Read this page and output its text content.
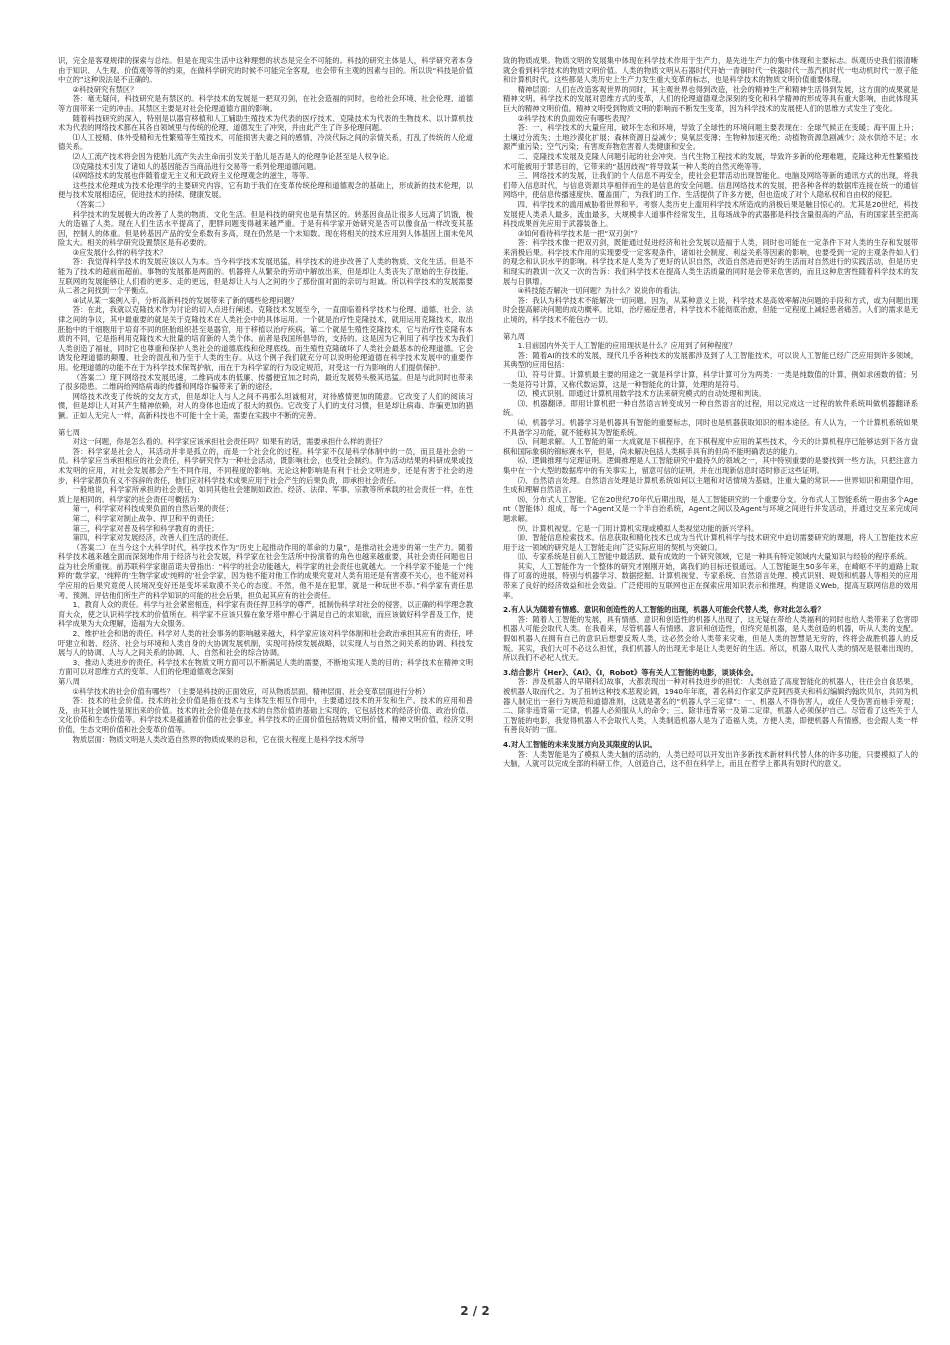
识，完全是客观规律的探索与总结。但是在现实生活中这种理想的状态是完全不可能的。科技的研究主体是人，科学研究者本身由于知识、人生观、价值观等等的约束，在做科学研究的时候不可能完全客观，也会带有主观的因素与目的。所以说“科技是价值中立的”这种说法是不正确的。

②科技研究有禁区？

答：毫无疑问，科技研究是有禁区的。科学技术的发展是一把双刃剑，在社会造福的同时，也给社会环境、社会伦理、道德等方面带来一定的冲击。其禁区主要是对社会伦理道德方面的影响。

随着科技研究的深入，特别是以器官移植和人工辅助生殖技术为代表的医疗技术、克隆技术为代表的生物技术、以计算机技术为代表的网络技术都在其各自领域里与传统的伦理、道德发生了冲突，并由此产生了许多伦理问题。

⑴人工授精、体外受精和无性繁殖等生殖技术，可能损害夫妻之间的感情，冷淡代际之间的亲情关系，打乱了传统的人伦道德关系。

⑵人工流产技术将会因为使胎儿流产失去生命而引发关于胎儿是否是人的伦理争论甚至是人权争论。

⑶克隆技术引发了诸如人的基因能否当商品进行交易等一系列伦理道德问题。

⑷网络技术的发展也伴随着虚无主义和无政府主义伦理观念的滋生，等等。

这些技术伦理成为技术伦理学的主要研究内容，它有助于我们在变革传统伦理和道德观念的基础上，形成新的技术伦理，以便与技术发展相适应，促进技术的持续、健康发展。

（答案二）

科学技术的发展极大的改善了人类的物质、文化生活。但是科技的研究也是有禁区的。转基因食品让很多人远离了饥饿，极大的造福了人类。现在人们生活水平提高了，肥胖问题变得越来越严重。于是有科学家开始研究是否可以像食品一样改变其基因，控制人的体重。但是转基因产品的安全系数有多高，现在仍然是一个未知数。现在将相关的技术应用到人体基因上面未免风险太大。相关的科学研究设置禁区是有必要的。

③应发展什么样的科学技术？

答：我觉得科学技术的发展应该以人为本。当今科学技术发展迅猛，科学技术的进步改善了人类的物质、文化生活。但是不能为了技术的超前而超前。事物的发展都是两面的。机器将人从繁杂的劳动中解放出来，但是却让人类丧失了原始的生存技能。互联网的发展能够让人们看的更多、走的更远，但是却让人与人之间的少了那份面对面的亲切与坦诚。所以科学技术的发展需要从二者之间找到一个平衡点。

④试从某一案例入手，分析高新科技的发展带来了新的哪些伦理问题？

答：在此，我就以克隆技术作为讨论的切入点进行阐述。克隆技术发展至今，一直面临着科学技术与伦理、道德、社会、法律之间的争议，其中最重要的就是关于克隆技术在人类社会中的具体运用。一个就是治疗性克隆技术，就用运用克隆技术，取出胚胎中的干细胞用于培育不同的胚胎组织甚至是器官，用于移植以治疗疾病。第二个就是生殖性克隆技术，它与治疗性克隆有本质的不同，它是指利用克隆技术大批量的培育新的人类个体。前者是我国所倡导的，支持的。这是因为它利用了科学技术为我们人类创造了福祉，同时它也尊重和保护人类社会的道德底线和伦理底线。而生殖性克隆破坏了人类社会最基本的伦理道德。它会诱发伦理道德的颠覆、社会的混乱和乃至于人类的生存。从这个例子我们就充分可以说明伦理道德在科学技术发展中的重要作用。伦理道德的功能不在于为科学技术保驾护航，而在于为科学家的行为设定规范，对受这一行为影响的人们提供保护。

（答案二）现下网络技术发展迅速，二维码成本的低廉、传播便宜加之时尚，最近发展势头极其迅猛。但是与此同时也带来了很多隐患。二维码给网络病毒的传播和网络诈骗带来了新的途径。

网络技术改变了传统的交友方式，但是却让人与人之间不再那么坦诚相对，对待感情更加的随意。它改变了人们的阅读习惯，但是却让人对其产生精神依赖，对人的身体也造成了很大的损伤。它改变了人们的支付习惯，但是却让病毒、诈骗更加的猖獗。正如人无完人一样，高新科技也不可能十全十美，需要在实践中不断的完善。

第七周

对这一问题，你是怎么看的。科学家应该承担社会责任吗？如果有的话，需要承担什么样的责任？

答：科学家是社会人，其活动并非是孤立的，而是一个社会化的过程。科学家不仅是科学体制中的一员，而且是社会的一员。科学家应当承担相应的社会责任，科学研究作为一种社会活动，既影响社会，也受社会制约。作为活动结果的科研成果或技术发明的应用，对社会发展都会产生不同作用，不同程度的影响。无论这种影响是有利于社会文明进步，还是有害于社会的进步，科学家都负有义不容辞的责任，他们应对科学技术成果应用于社会产生的后果负责，即承担社会责任。

一般地说，科学家所承担的社会责任，如同其他社会建制如政治、经济、法律、军事、宗教等所承载的社会责任一样，在性质上是相同的。科学家的社会责任可概括为：

第一，科学家对科技成果负面的自然后果的责任；

第二，科学家对制止战争、捍卫和平的责任；

第三，科学家对普及科学和科学教育的责任；

第四，科学家对发展经济，改善人们生活的责任。

（答案二）在当今这个大科学时代，科学技术作为“历史上起推动作用的革命的力量”，是推动社会进步的第一生产力。随着科学技术越来越全面而深刻地作用于经济与社会发展，科学家在社会生活所中扮演着的角色也越来越重要，其社会责任问题也日益为社会所重视。前苏联科学家谢苗诺夫曾指出：“科学的社会功能越大，科学家的社会责任也就越大。一个科学家不能是一个‘纯粹的’数学家、‘纯粹的’生物学家或‘纯粹的’社会学家，因为他不能对他工作的成果究竟对人类有用还是有害漠不关心，也不能对科学应用的后果究竟使人民境况变好还是变坏采取漠不关心的态度。不然，他不是在犯罪，就是一种玩世不恭。”科学家有责任思考、预测、评估他们所生产的科学知识的可能的社会后果，担负起其应有的社会责任。

1、教育人众的责任。科学与社会紧密相连，科学家有责任捍卫科学的尊严，抵制伪科学对社会的侵害，以正确的科学理念教育大众，使之认识科学技术的价值所在。科学家不应该只躲在象牙塔中醉心于满足自己的求知欲，而应该做好科学普及工作，使科学成果为大众理解，造福为大众服务。

2、维护社会和谐的责任。科学对人类的社会事务的影响越来越大，科学家应该对科学体制和社会政治承担其应有的责任，呼吁建立和谐、经济、社会与环境和人类自身的大协调发展机制，实现可持续发展战略，以实现人与自然之间关系的协调、科技发展与人的协调、人与人之间关系的协调、人、自然和社会的综合协调。

3、推动人类进步的责任。科学技术在物质文明方面可以不断满足人类的需要，不断地实现人类的目的；科学技术在精神文明方面可以对思维方式的变革、人们的伦理道德观念深刻

第八周

①科学技术的社会价值有哪些？（主要是科技的正面效应，可从物质层面、精神层面、社会变革层面进行分析）

答：技术的社会价值。技术的社会价值是指在技术与主体发生相互作用中，主要通过技术的开发和生产、技术的应用和普及，由其社会属性显现出来的价值。技术的社会价值是在技术的自然价值的基础上实现的，它包括技术的经济价值、政治价值、文化价值和生态价值等。科学技术是蕴涵着价值的社会事业，科学技术的正面价值包括物质文明价值，精神文明价值，经济文明价值，生态文明价值和社会变革价值等。

物质层面：物质文明是人类改造自然界的物质成果的总和，它在很大程度上是科学技术所导

致的物质成果。物质文明的发展集中体现在科学技术作用于生产力，是先进生产力的集中体现和主要标志。纵观历史我们很清晰就会看到科学技术的物质文明价值。人类的物质文明从石器时代开始一青铜时代一铁器时代一蒸汽机时代一电动机时代一原子能和计算机时代。这些都是人类历史上生产力发生重大变革的标志，也是科学技术的物质文明价值重要体现。

精神层面：人们在改造客观世界的同时，其主观世界也得到改造，社会的精神生产和精神生活得到发展，这方面的成果就是精神文明。科学技术的发展对思维方式的变革，人们的伦理道德观念深刻的变化和科学精神的形成等具有重大影响，由此体现其巨大的精神文明价值。精神文明受到物质文明的影响而不断发生变革，因为科学技术的发展使人们的思维方式发生了变化。

②科学技术的负面效应有哪些表现？

答：一、科学技术的大量应用，破坏生态和环境，导致了全球性的环境问题主要表现在：全球气候正在变暖；海平面上升；土壤过分流失；土地沙漠化扩展；森林资源日益减少；臭氧层变薄；生物种加速灭绝；动植物资源急剧减少；淡水供给不足；水源严重污染；空气污染；有害废弃物危害着人类健康和安全。

二、克隆技术发展及克隆人问题引起的社会冲突。当代生物工程技术的发展，导致许多新的伦理难题，克隆这种无性繁殖技术可能被用于罪恶目的，它带来的“基因歧视”将导致某一种人类的自然灭绝等等。

三、网络技术的发展，让我们的个人信息不再安全，使社会犯罪活动出现智能化。电脑及网络等新的通讯方式的出现，将我们带入信息时代，与信息资源共享相伴而生的是信息的安全问题。信息网络技术的发展，把各种各样的数据库连接在统一的通信网络中，使信息传播速度快、覆盖面广，为我们的工作、生活提供了许多方便，但也造成了对个人隐私权和自由权的侵犯。

四、科学技术的滥用威胁着世界和平。考察人类历史上滥用科学技术所造成的消极后果是触目惊心的。尤其是20世纪，科技发展使人类杀人最多，流血最多，大规模非人道事件经常发生，且每场战争的武器都是科技含量很高的产品，有的国家甚至把高科技成果首先应用于武器装备上。

③如何看待科学技术是一把“双刃剑”？

答：科学技术像一把双刃剑，既能通过促进经济和社会发展以造福于人类，同时也可能在一定条件下对人类的生存和发展带来消极后果。科学技术作用的实现要受一定客观条件，诸如社会制度、利益关系等因素的影响，也要受到一定的主观条件如人们的观念和认识水平的影响。科学技术是人类为了更好的认识自然，改造自然进而更好的生活而对自然进行的实践活动，但是历史和现实的教训一次又一次的告诉：我们科学技术在提高人类生活质量的同时是会带来危害的，而且这种危害性随着科学技术的发展与日俱增。

④科技能否解决一切问题？为什么？说说你的看法。

答：我认为科学技术不能解决一切问题。因为，从某种意义上说，科学技术是高效率解决问题的手段和方式，或为问题出现时会提高解决问题的成功概率。比如，治疗癌症患者，科学技术不能彻底治愈，但能一定程度上减轻患者痛苦。人们的需求是无止境的，科学技术不能包办一切。

第九周

1.目前国内外关于人工智能的应用现状是什么？应用到了何种程度？

答：随着AI的技术的发展，现代几乎各种技术的发展都涉及到了人工智能技术，可以说人工智能已经广泛应用到许多领域，其典型的应用包括：

⑴、符号计算。计算机最主要的用途之一就是科学计算，科学计算可分为两类：一类是纯数值的计算，例如求函数的值；另一类是符号计算，又称代数运算，这是一种智能化的计算，处理的是符号。

⑵、模式识别。即通过计算机用数学技术方法来研究模式的自动处理和判读。

⑶、机器翻译。即用计算机把一种自然语言转变成另一种自然语言的过程，用以完成这一过程的软件系统叫做机器翻译系统。

⑷、机器学习。机器学习是机器具有智能的重要标志，同时也是机器获取知识的根本途径。有人认为，一个计算机系统如果不具备学习功能，就不能称其为智能系统。

⑸、问题求解。人工智能的第一大成就是下棋程序，在下棋程度中应用的某些技术，今天的计算机程序已能够达到下各方盘棋和国际象棋的锦标赛水平，但是，尚未解决包括人类棋手具有的但尚不能明确表达的能力。

⑹、逻辑推理与定理证明。逻辑推理是人工智能研究中最持久的领域之一，其中特别重要的是要找到一些方法，只把注意力集中在一个大型的数据库中的有关事实上，留意可信的证明，并在出现新信息时适时修正这些证明。

⑺、自然语言处理。自然语言处理是计算机系统如何以主题和对话情境为基础，注重大量的常识——世界知识和期望作用，生成和理解自然语言。

⑻、分布式人工智能。它在20世纪70年代后期出现，是人工智能研究的一个重要分支。分布式人工智能系统一般由多个Agent（智能体）组成，每一个Agent又是一个半自治系统，Agent之间以及Agent与环境之间进行并发活动，并通过交互来完成问题求解。

⑼、计算机视觉。它是一门用计算机实现或模拟人类视觉功能的新兴学科。

⑽、智能信息检索技术。信息获取和精化技术已成为当代计算机科学与技术研究中迫切需要研究的课题，将人工智能技术应用于这一领域的研究是人工智能走向广泛实际应用的契机与突破口。

⑾、专家系统是目前人工智能中最活跃、最有成效的一个研究领域，它是一种具有特定领域内大量知识与经验的程序系统。

其实，人工智能作为一个整体的研究才刚刚开始，离我们的目标还很遥远。人工智能诞生50多年来，在崎岖不平的道路上取得了可喜的进展，特别与机器学习、数据挖掘、计算机视觉、专家系统、自然语言处理、模式识别、规划和机器人等相关的应用带来了良好的经济效益和社会效益。广泛使用的互联网也正在探索应用知识表示和推理，构建语义Web，提高互联网信息的效用率。

2.有人认为随着有情感、意识和创造性的人工智能的出现，机器人可能会代替人类，你对此怎么看？

答：随着人工智能的发展，具有情感、意识和创造性的机器人出现了，这无疑在带给人类福利的同时也给人类带来了危害即机器人可能会取代人类。在我看来，尽管机器人有情感、意识和创造性，但终究是机器，是人类创造的机器，听从人类的支配。假如机器人在拥有自己的意识后想要反叛人类，这必然会给人类带来灾难，但是人类的智慧是无穷的，终将会战胜机器人的反叛。其实，我们大可不必这么担忧，我们机器人的出现无非是让人类更好的生活。所以，机器人取代人类的情况是很难出现的，所以我们不必杞人忧天。

3.结合影片《Her》、《AI》、《I，Robot》等有关人工智能的电影，谈谈体会。

答：涉及机器人的早期科幻故事，大都表现出一种对科技进步的担忧：人类创造了高度智能化的机器人，往往会自食恶果，被机器人取而代之。为了扭转这种技术悲观论调，1940年年底，著名科幻作家艾萨克阿西莫夫和科幻编辑约翰坎贝尔，共同为机器人制定出一套行为规范和道德准则，这就是著名的“机器人学三定律”：一、机器人不得伤害人，或任人受伤害而袖手旁观；二、除非违背第一定律，机器人必须服从人的命令；三、除非违背第一及第二定律，机器人必须保护自己。尽管看了这些关于人工智能的电影，我觉得机器人不会取代人类，人类制造机器人是为了造福人类，方便人类，即便机器人有情感，也会跟人类一样有善良好的一面。

4.对人工智能的未来发展方向及其限度的认识。

答：人类智能是为了模拟人类大脑的活动的，人类已经可以开发出许多新技术新材料代替人体的许多功能，只要模拟了人的大脑，人就可以完成全部的科研工作，人创造自己，这不但在科学上，而且在哲学上都具有划时代的意义。

2 / 2
